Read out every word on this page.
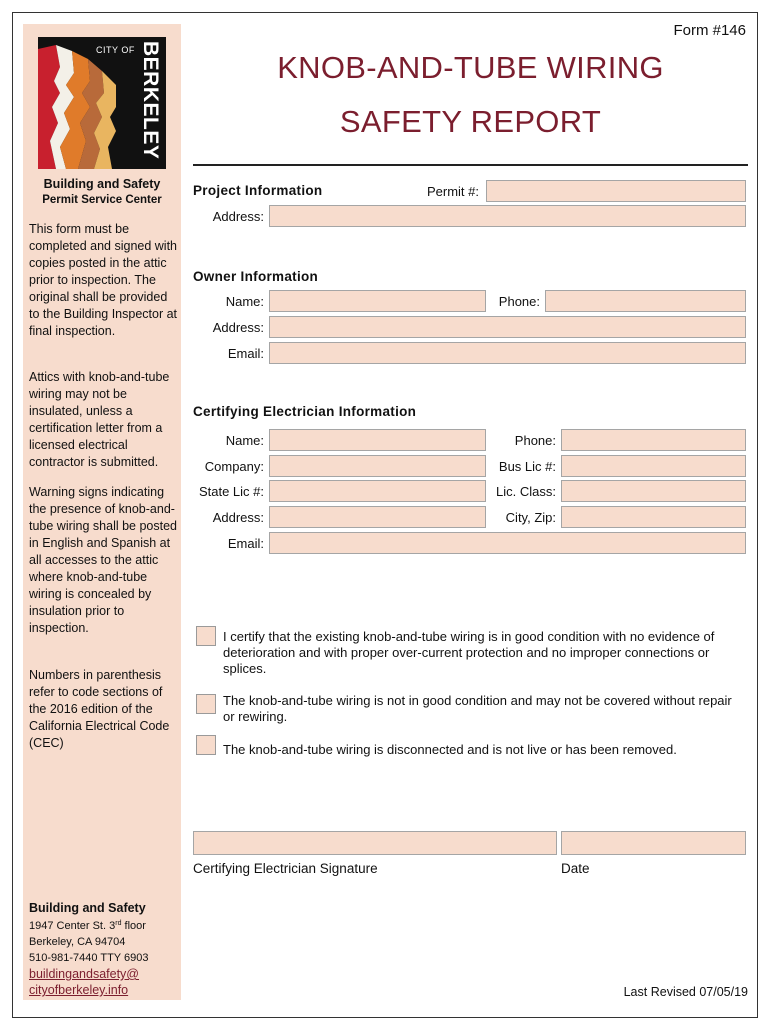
CITY OF BERKELEY
Building and Safety
Permit Service Center
This form must be completed and signed with copies posted in the attic prior to inspection. The original shall be provided to the Building Inspector at final inspection.
Attics with knob-and-tube wiring may not be insulated, unless a certification letter from a licensed electrical contractor is submitted.
Warning signs indicating the presence of knob-and-tube wiring shall be posted in English and Spanish at all accesses to the attic where knob-and-tube wiring is concealed by insulation prior to inspection.
Numbers in parenthesis refer to code sections of the 2016 edition of the California Electrical Code (CEC)
Building and Safety
1947 Center St. 3rd floor
Berkeley, CA 94704
510-981-7440 TTY 6903
buildingandsafety@
cityofberkeley.info
Form #146
KNOB-AND-TUBE WIRING
SAFETY REPORT
Project Information	Permit #:
Address:
Owner Information
Name:	Phone:
Address:
Email:
Certifying Electrician Information
Name:	Phone:
Company:	Bus Lic #:
State Lic #:	Lic. Class:
Address:	City, Zip:
Email:
I certify that the existing knob-and-tube wiring is in good condition with no evidence of deterioration and with proper over-current protection and no improper connections or splices.
The knob-and-tube wiring is not in good condition and may not be covered without repair or rewiring.
The knob-and-tube wiring is disconnected and is not live or has been removed.
Certifying Electrician Signature	Date
Last Revised 07/05/19
